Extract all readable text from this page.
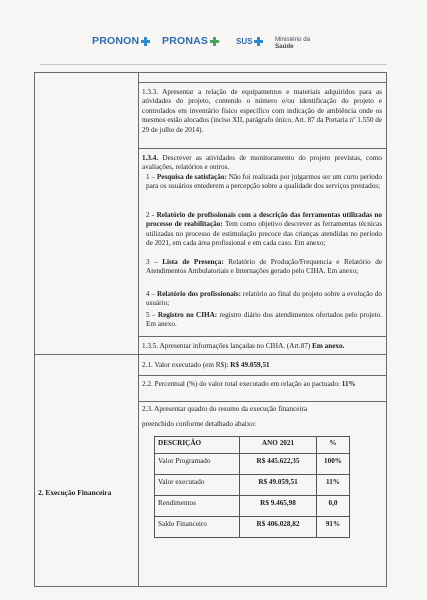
PRONON PRONAS	SUS	Ministério da
Saúde
1.3.3. Apresentar a relação de equipamentos e materiais adquiridos para as atividades do projeto, contendo o número e/ou identificação do projeto e controlados em inventário físico específico com indicação de ambiência onde os mesmos estão alocados (inciso XII, parágrafo único, Art. 87 da Portaria nº 1.550 de 29 de julho de 2014).
1.3.4. Descrever as atividades de monitoramento do projeto previstas, como avaliações, relatórios e outros.
1 – Pesquisa de satisfação: Não foi realizada por julgarmos ser um curto período para os usuários entederem a percepção sobre a qualidade dos serviços prestados;
2 - Relatório de profissionais com a descrição das ferramentas utilizadas no processo de reabilitação: Tem como objetivo descrever as ferramentas técnicas utilizadas no processo de estimulação precoce das crianças atendidas no período de 2021, em cada área profissional e em cada caso. Em anexo;
3 – Lista de Presença: Relatório de Produção/Frequencia e Relatório de Atendimentos Ambulatoriais e Internações gerado pelo CIHA. Em anexo;
4 – Relatório dos profissionais: relatório ao final do projeto sobre a evolução do usuário;
5 – Registro no CIHA: registro diário dos atendimentos ofertados pelo projeto. Em anexo.
1.3.5. Apresentar informações lançadas no CIHA. (Art.87) Em anexo.
2. Execução Financeira
2.1. Valor executado (em R$): R$ 49.059,51
2.2. Percentual (%) do valor total executado em relação ao pactuado: 11%
2.3. Apresentar quadro do resumo da execução financeira
preenchido conforme detalhado abaixo:
DESCRIÇÃO	ANO 2021	%
Valor Programado	R$ 445.622,35	100%
Valor executado	R$ 49.059,51	11%
Rendimentos	R$ 9.465,98	0,0
Saldo Financeiro	R$ 406.028,82	91%
